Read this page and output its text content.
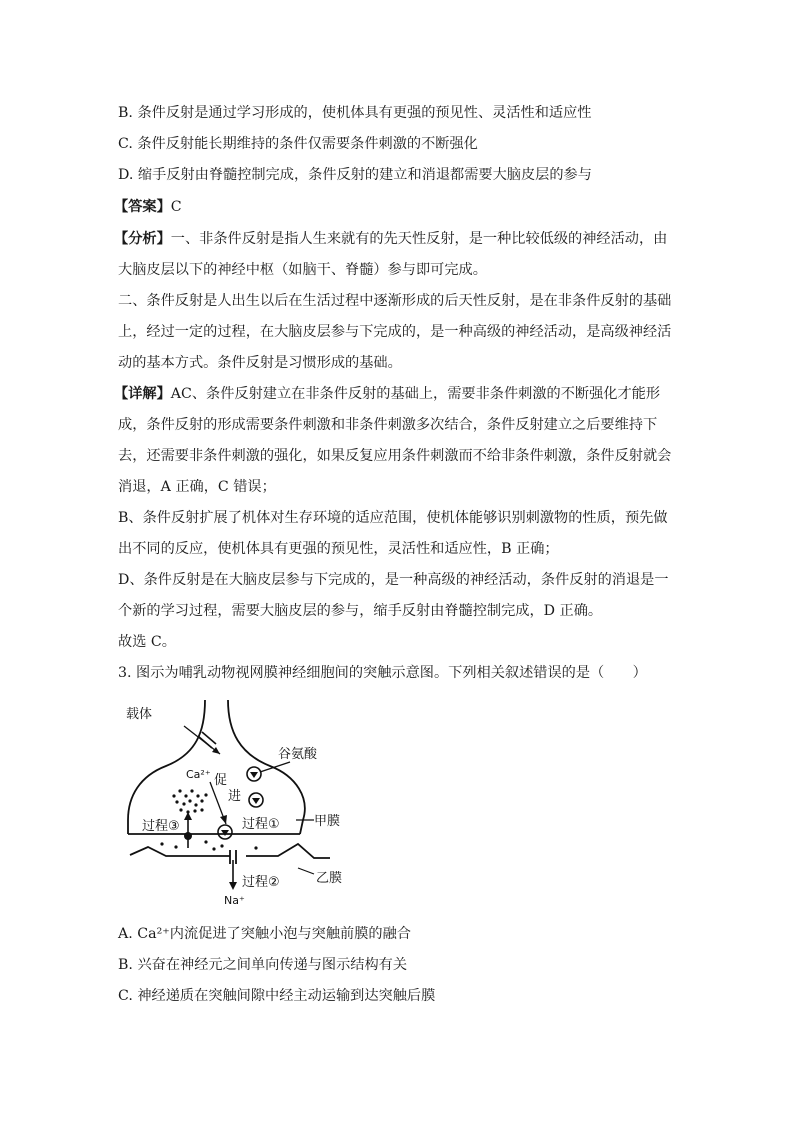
B. 条件反射是通过学习形成的，使机体具有更强的预见性、灵活性和适应性
C. 条件反射能长期维持的条件仅需要条件刺激的不断强化
D. 缩手反射由脊髓控制完成，条件反射的建立和消退都需要大脑皮层的参与
【答案】C
【分析】一、非条件反射是指人生来就有的先天性反射，是一种比较低级的神经活动，由
大脑皮层以下的神经中枢（如脑干、脊髓）参与即可完成。
二、条件反射是人出生以后在生活过程中逐渐形成的后天性反射，是在非条件反射的基础
上，经过一定的过程，在大脑皮层参与下完成的，是一种高级的神经活动，是高级神经活
动的基本方式。条件反射是习惯形成的基础。
【详解】AC、条件反射建立在非条件反射的基础上，需要非条件刺激的不断强化才能形
成，条件反射的形成需要条件刺激和非条件刺激多次结合，条件反射建立之后要维持下
去，还需要非条件刺激的强化，如果反复应用条件刺激而不给非条件刺激，条件反射就会
消退，A 正确，C 错误；
B、条件反射扩展了机体对生存环境的适应范围，使机体能够识别刺激物的性质，预先做
出不同的反应，使机体具有更强的预见性，灵活性和适应性，B 正确；
D、条件反射是在大脑皮层参与下完成的，是一种高级的神经活动，条件反射的消退是一
个新的学习过程，需要大脑皮层的参与，缩手反射由脊髓控制完成，D 正确。
故选 C。
3. 图示为哺乳动物视网膜神经细胞间的突触示意图。下列相关叙述错误的是（　　）
载体
Ca²⁺ 促
进
谷氨酸
过程①
过程③	甲膜
过程②	乙膜
Na⁺
A. Ca²⁺内流促进了突触小泡与突触前膜的融合
B. 兴奋在神经元之间单向传递与图示结构有关
C. 神经递质在突触间隙中经主动运输到达突触后膜
